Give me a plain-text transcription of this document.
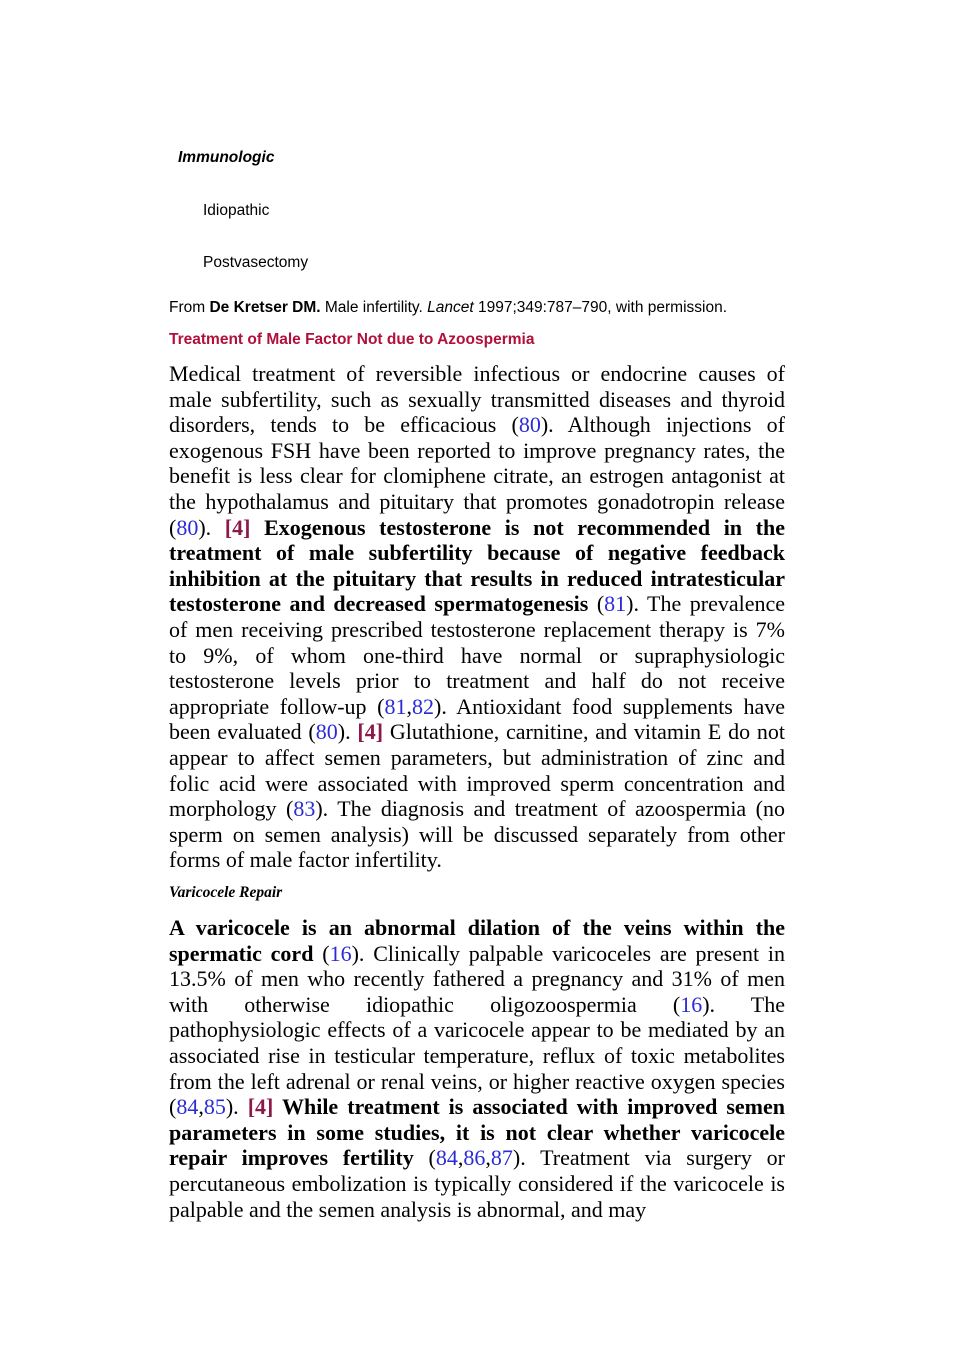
Immunologic

Idiopathic

Postvasectomy

From De Kretser DM. Male infertility. Lancet 1997;349:787–790, with permission.

Treatment of Male Factor Not due to Azoospermia

Medical treatment of reversible infectious or endocrine causes of male subfertility, such as sexually transmitted diseases and thyroid disorders, tends to be efficacious (80). Although injections of exogenous FSH have been reported to improve pregnancy rates, the benefit is less clear for clomiphene citrate, an estrogen antagonist at the hypothalamus and pituitary that promotes gonadotropin release (80). [4] Exogenous testosterone is not recommended in the treatment of male subfertility because of negative feedback inhibition at the pituitary that results in reduced intratesticular testosterone and decreased spermatogenesis (81). The prevalence of men receiving prescribed testosterone replacement therapy is 7% to 9%, of whom one-third have normal or supraphysiologic testosterone levels prior to treatment and half do not receive appropriate follow-up (81,82). Antioxidant food supplements have been evaluated (80). [4] Glutathione, carnitine, and vitamin E do not appear to affect semen parameters, but administration of zinc and folic acid were associated with improved sperm concentration and morphology (83). The diagnosis and treatment of azoospermia (no sperm on semen analysis) will be discussed separately from other forms of male factor infertility.

Varicocele Repair

A varicocele is an abnormal dilation of the veins within the spermatic cord (16). Clinically palpable varicoceles are present in 13.5% of men who recently fathered a pregnancy and 31% of men with otherwise idiopathic oligozoospermia (16). The pathophysiologic effects of a varicocele appear to be mediated by an associated rise in testicular temperature, reflux of toxic metabolites from the left adrenal or renal veins, or higher reactive oxygen species (84,85). [4] While treatment is associated with improved semen parameters in some studies, it is not clear whether varicocele repair improves fertility (84,86,87). Treatment via surgery or percutaneous embolization is typically considered if the varicocele is palpable and the semen analysis is abnormal, and may
